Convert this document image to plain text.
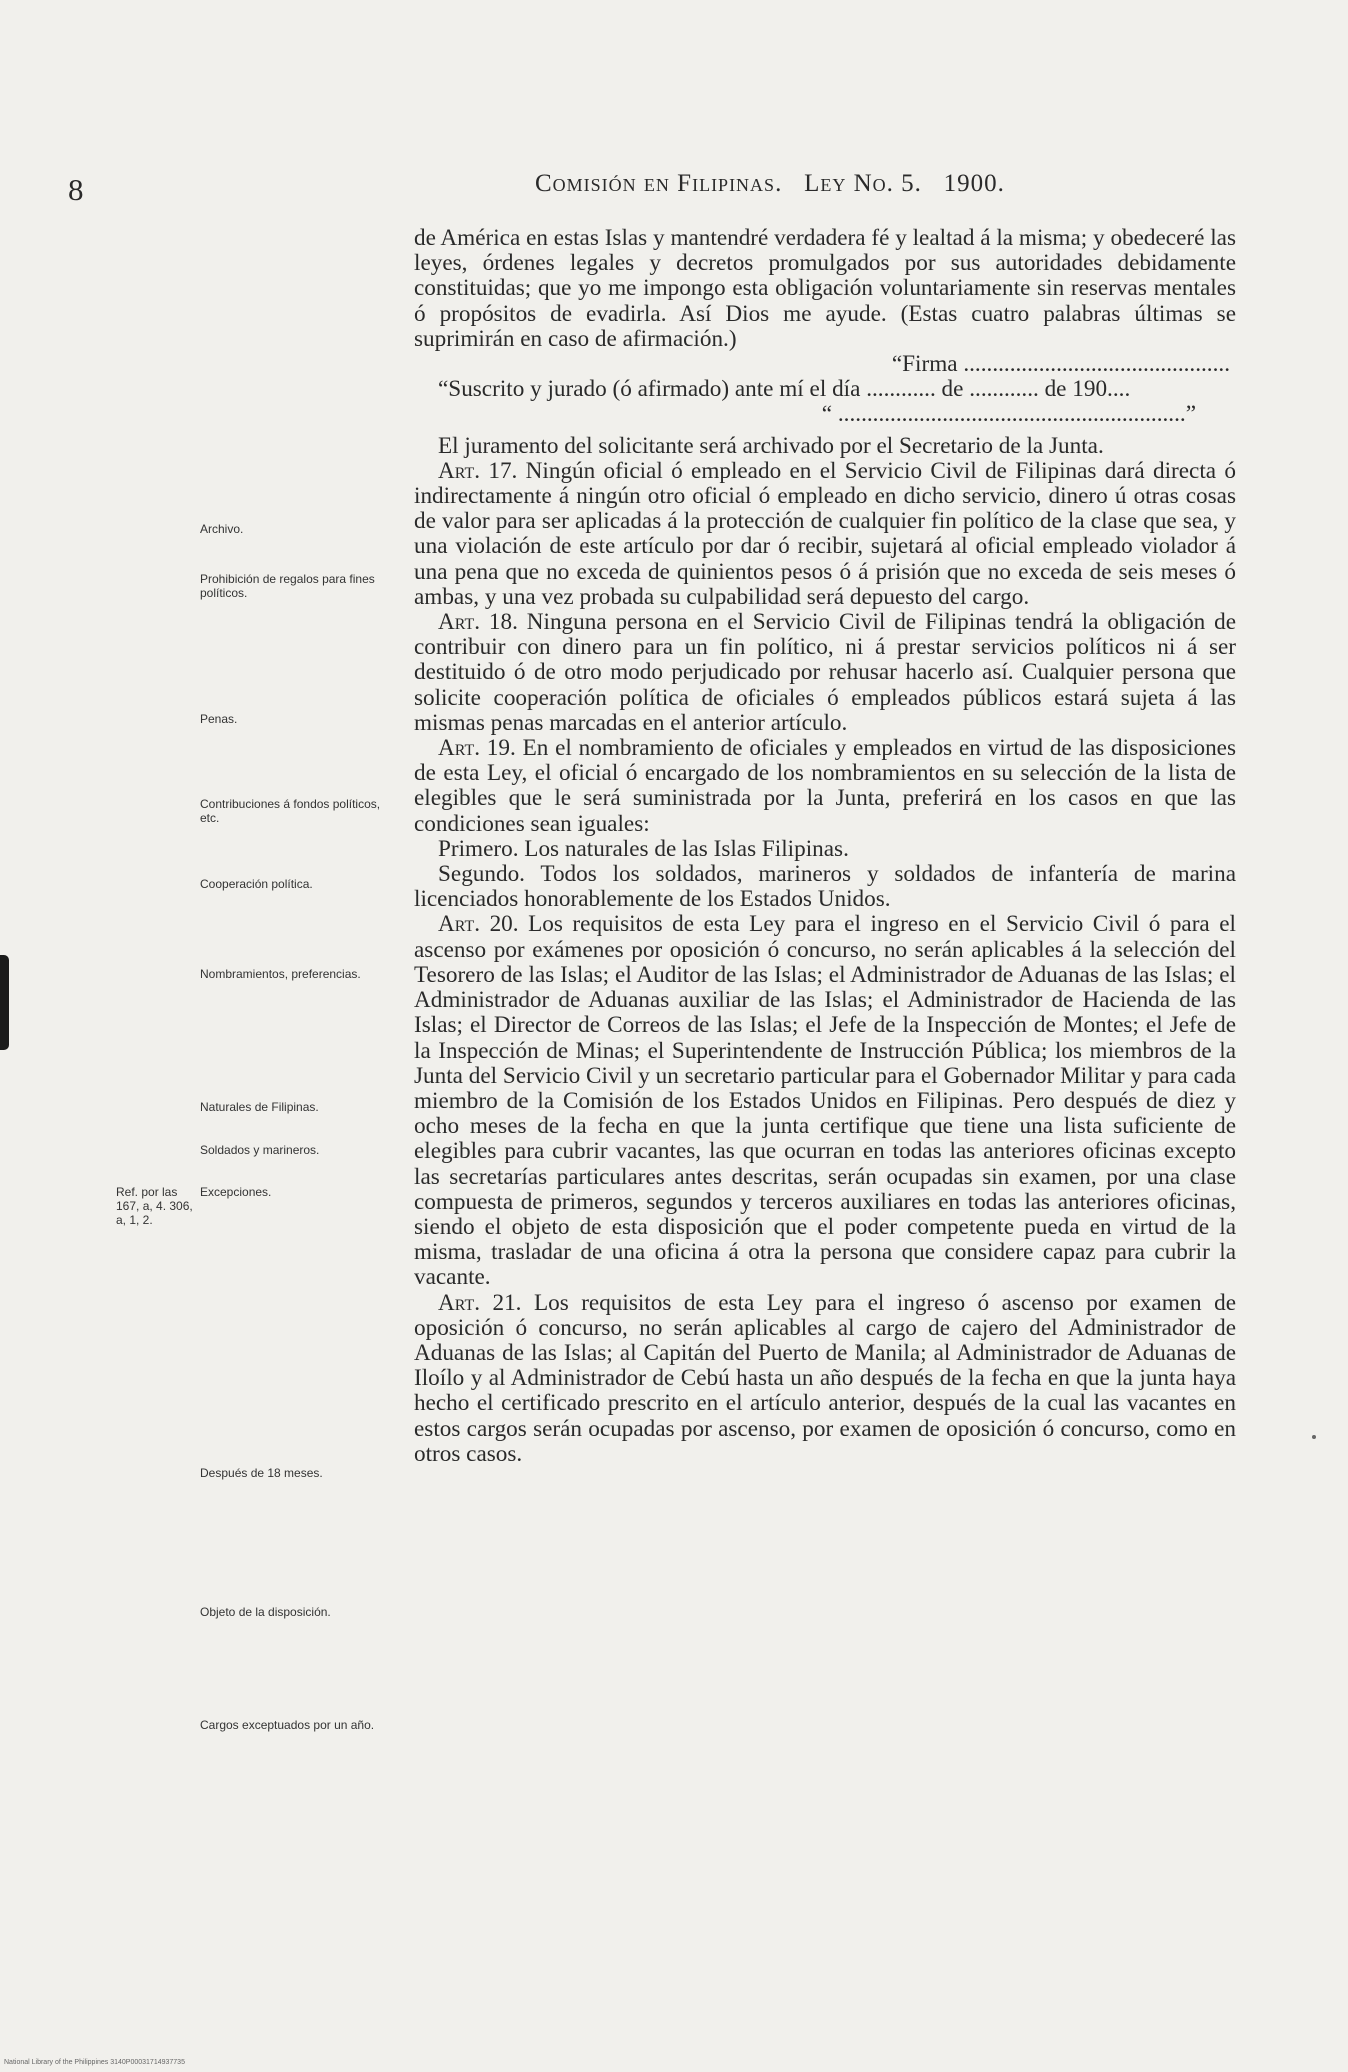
8	Comisión en Filipinas. Ley No. 5. 1900.

de América en estas Islas y mantendré verdadera fé y lealtad á la misma; y obedeceré las leyes, órdenes legales y decretos promulgados por sus autoridades debidamente constituidas; que yo me impongo esta obligación voluntariamente sin reservas mentales ó propósitos de evadirla. Así Dios me ayude. (Estas cuatro palabras últimas se suprimirán en caso de afirmación.)

“Firma ..............................................

“Suscrito y jurado (ó afirmado) ante mí el día ............ de ............ de 190....

“ ............................................................”

El juramento del solicitante será archivado por el Secretario de la Junta.

Art. 17. Ningún oficial ó empleado en el Servicio Civil de Filipinas dará directa ó indirectamente á ningún otro oficial ó empleado en dicho servicio, dinero ú otras cosas de valor para ser aplicadas á la protección de cualquier fin político de la clase que sea, y una violación de este artículo por dar ó recibir, sujetará al oficial empleado violador á una pena que no exceda de quinientos pesos ó á prisión que no exceda de seis meses ó ambas, y una vez probada su culpabilidad será depuesto del cargo.

Art. 18. Ninguna persona en el Servicio Civil de Filipinas tendrá la obligación de contribuir con dinero para un fin político, ni á prestar servicios políticos ni á ser destituido ó de otro modo perjudicado por rehusar hacerlo así. Cualquier persona que solicite cooperación política de oficiales ó empleados públicos estará sujeta á las mismas penas marcadas en el anterior artículo.

Art. 19. En el nombramiento de oficiales y empleados en virtud de las disposiciones de esta Ley, el oficial ó encargado de los nombramientos en su selección de la lista de elegibles que le será suministrada por la Junta, preferirá en los casos en que las condiciones sean iguales:

Primero. Los naturales de las Islas Filipinas.

Segundo. Todos los soldados, marineros y soldados de infantería de marina licenciados honorablemente de los Estados Unidos.

Art. 20. Los requisitos de esta Ley para el ingreso en el Servicio Civil ó para el ascenso por exámenes por oposición ó concurso, no serán aplicables á la selección del Tesorero de las Islas; el Auditor de las Islas; el Administrador de Aduanas de las Islas; el Administrador de Aduanas auxiliar de las Islas; el Administrador de Hacienda de las Islas; el Director de Correos de las Islas; el Jefe de la Inspección de Montes; el Jefe de la Inspección de Minas; el Superintendente de Instrucción Pública; los miembros de la Junta del Servicio Civil y un secretario particular para el Gobernador Militar y para cada miembro de la Comisión de los Estados Unidos en Filipinas. Pero después de diez y ocho meses de la fecha en que la junta certifique que tiene una lista suficiente de elegibles para cubrir vacantes, las que ocurran en todas las anteriores oficinas excepto las secretarías particulares antes descritas, serán ocupadas sin examen, por una clase compuesta de primeros, segundos y terceros auxiliares en todas las anteriores oficinas, siendo el objeto de esta disposición que el poder competente pueda en virtud de la misma, trasladar de una oficina á otra la persona que considere capaz para cubrir la vacante.

Art. 21. Los requisitos de esta Ley para el ingreso ó ascenso por examen de oposición ó concurso, no serán aplicables al cargo de cajero del Administrador de Aduanas de las Islas; al Capitán del Puerto de Manila; al Administrador de Aduanas de Iloílo y al Administrador de Cebú hasta un año después de la fecha en que la junta haya hecho el certificado prescrito en el artículo anterior, después de la cual las vacantes en estos cargos serán ocupadas por ascenso, por examen de oposición ó concurso, como en otros casos.

Archivo.
Prohibición de regalos para fines políticos.
Penas.
Contribuciones á fondos políticos, etc.
Cooperación política.
Nombramientos, preferencias.
Naturales de Filipinas.
Soldados y marineros.
Excepciones.
Ref. por las 167, a, 4. 306, a, 1, 2.
Después de 18 meses.
Objeto de la disposición.
Cargos exceptuados por un año.
National Library of the Philippines 3140P00031714937735
